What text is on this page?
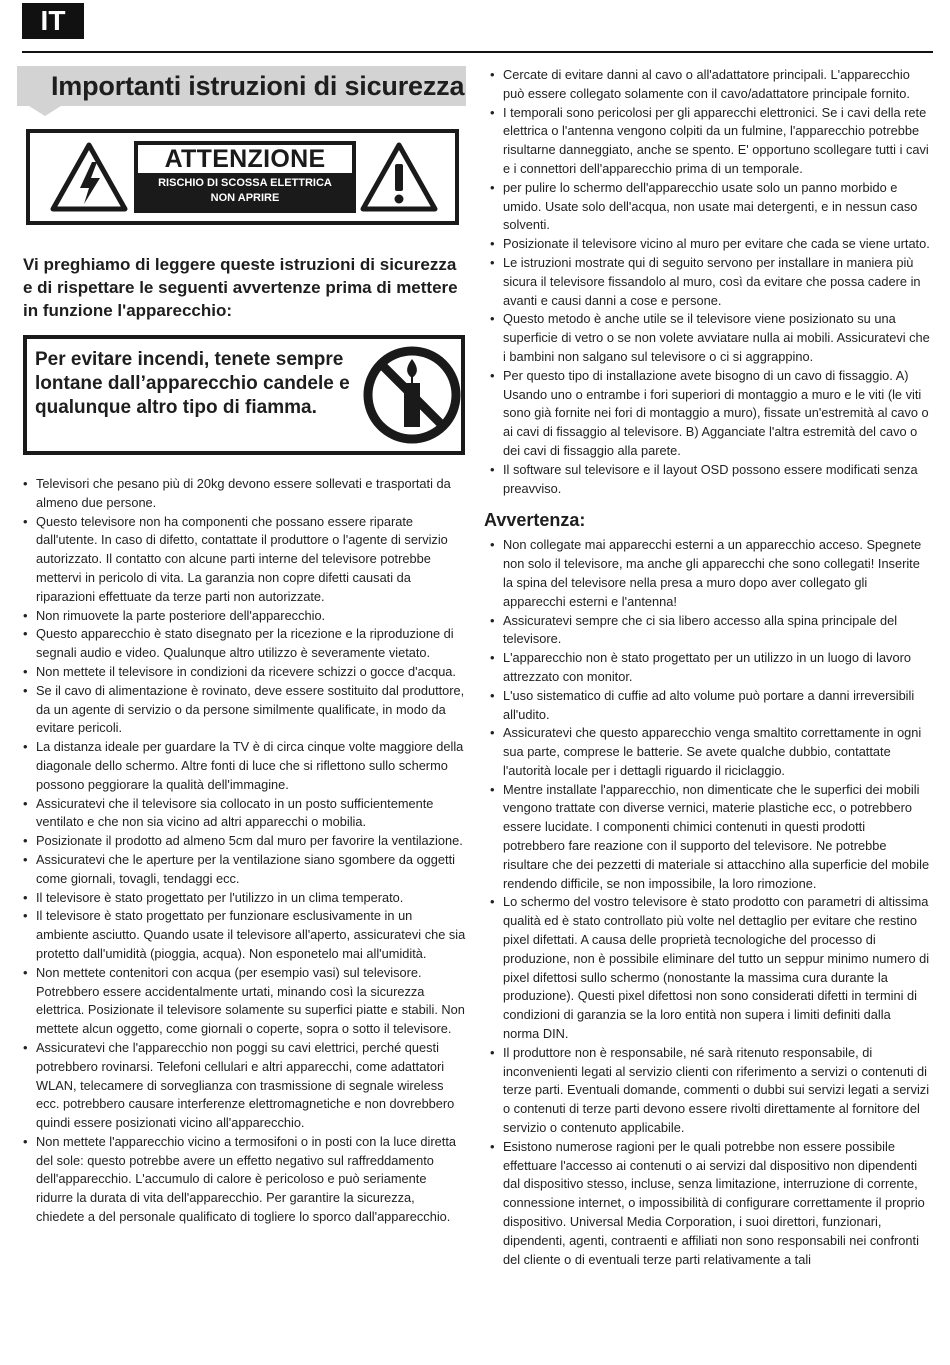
IT
Importanti istruzioni di sicurezza
ATTENZIONE
RISCHIO DI SCOSSA ELETTRICA
NON APRIRE
Vi preghiamo di leggere queste istruzioni di sicurezza e di rispettare le seguenti avvertenze prima di mettere in funzione l'apparecchio:
Per evitare incendi, tenete sempre lontane dall’apparecchio candele e qualunque altro tipo di fiamma.
• Televisori che pesano più di 20kg devono essere sollevati e trasportati da almeno due persone.
• Questo televisore non ha componenti che possano essere riparate dall'utente. In caso di difetto, contattate il produttore o l'agente di servizio autorizzato. Il contatto con alcune parti interne del televisore potrebbe mettervi in pericolo di vita. La garanzia non copre difetti causati da riparazioni effettuate da terze parti non autorizzate.
• Non rimuovete la parte posteriore dell'apparecchio.
• Questo apparecchio è stato disegnato per la ricezione e la riproduzione di segnali audio e video. Qualunque altro utilizzo è severamente vietato.
• Non mettete il televisore in condizioni da ricevere schizzi o gocce d'acqua.
• Se il cavo di alimentazione è rovinato, deve essere sostituito dal produttore, da un agente di servizio o da persone similmente qualificate, in modo da evitare pericoli.
• La distanza ideale per guardare la TV è di circa cinque volte maggiore della diagonale dello schermo. Altre fonti di luce che si riflettono sullo schermo possono peggiorare la qualità dell'immagine.
• Assicuratevi che il televisore sia collocato in un posto sufficientemente ventilato e che non sia vicino ad altri apparecchi o mobilia.
• Posizionate il prodotto ad almeno 5cm dal muro per favorire la ventilazione.
• Assicuratevi che le aperture per la ventilazione siano sgombere da oggetti come giornali, tovagli, tendaggi ecc.
• Il televisore è stato progettato per l'utilizzo in un clima temperato.
• Il televisore è stato progettato per funzionare esclusivamente in un ambiente asciutto. Quando usate il televisore all'aperto, assicuratevi che sia protetto dall'umidità (pioggia, acqua). Non esponetelo mai all'umidità.
• Non mettete contenitori con acqua (per esempio vasi) sul televisore. Potrebbero essere accidentalmente urtati, minando così la sicurezza elettrica. Posizionate il televisore solamente su superfici piatte e stabili. Non mettete alcun oggetto, come giornali o coperte, sopra o sotto il televisore.
• Assicuratevi che l'apparecchio non poggi su cavi elettrici, perché questi potrebbero rovinarsi. Telefoni cellulari e altri apparecchi, come adattatori WLAN, telecamere di sorveglianza con trasmissione di segnale wireless ecc. potrebbero causare interferenze elettromagnetiche e non dovrebbero quindi essere posizionati vicino all'apparecchio.
• Non mettete l'apparecchio vicino a termosifoni o in posti con la luce diretta del sole: questo potrebbe avere un effetto negativo sul raffreddamento dell'apparecchio. L'accumulo di calore è pericoloso e può seriamente ridurre la durata di vita dell'apparecchio. Per garantire la sicurezza, chiedete a del personale qualificato di togliere lo sporco dall'apparecchio.
• Cercate di evitare danni al cavo o all'adattatore principali. L'apparecchio può essere collegato solamente con il cavo/adattatore principale fornito.
• I temporali sono pericolosi per gli apparecchi elettronici. Se i cavi della rete elettrica o l'antenna vengono colpiti da un fulmine, l'apparecchio potrebbe risultarne danneggiato, anche se spento. E' opportuno scollegare tutti i cavi e i connettori dell'apparecchio prima di un temporale.
• per pulire lo schermo dell'apparecchio usate solo un panno morbido e umido. Usate solo dell'acqua, non usate mai detergenti, e in nessun caso solventi.
• Posizionate il televisore vicino al muro per evitare che cada se viene urtato.
• Le istruzioni mostrate qui di seguito servono per installare in maniera più sicura il televisore fissandolo al muro, così da evitare che possa cadere in avanti e causi danni a cose e persone.
• Questo metodo è anche utile se il televisore viene posizionato su una superficie di vetro o se non volete avviatare nulla ai mobili. Assicuratevi che i bambini non salgano sul televisore o ci si aggrappino.
• Per questo tipo di installazione avete bisogno di un cavo di fissaggio. A) Usando uno o entrambe i fori superiori di montaggio a muro e le viti (le viti sono già fornite nei fori di montaggio a muro), fissate un'estremità al cavo o ai cavi di fissaggio al televisore. B) Agganciate l'altra estremità del cavo o dei cavi di fissaggio alla parete.
• Il software sul televisore e il layout OSD possono essere modificati senza preavviso.
Avvertenza:
• Non collegate mai apparecchi esterni a un apparecchio acceso. Spegnete non solo il televisore, ma anche gli apparecchi che sono collegati! Inserite la spina del televisore nella presa a muro dopo aver collegato gli apparecchi esterni e l'antenna!
• Assicuratevi sempre che ci sia libero accesso alla spina principale del televisore.
• L'apparecchio non è stato progettato per un utilizzo in un luogo di lavoro attrezzato con monitor.
• L'uso sistematico di cuffie ad alto volume può portare a danni irreversibili all'udito.
• Assicuratevi che questo apparecchio venga smaltito correttamente in ogni sua parte, comprese le batterie. Se avete qualche dubbio, contattate l'autorità locale per i dettagli riguardo il riciclaggio.
• Mentre installate l'apparecchio, non dimenticate che le superfici dei mobili vengono trattate con diverse vernici, materie plastiche ecc, o potrebbero essere lucidate. I componenti chimici contenuti in questi prodotti potrebbero fare reazione con il supporto del televisore. Ne potrebbe risultare che dei pezzetti di materiale si attacchino alla superficie del mobile rendendo difficile, se non impossibile, la loro rimozione.
• Lo schermo del vostro televisore è stato prodotto con parametri di altissima qualità ed è stato controllato più volte nel dettaglio per evitare che restino pixel difettati. A causa delle proprietà tecnologiche del processo di produzione, non è possibile eliminare del tutto un seppur minimo numero di pixel difettosi sullo schermo (nonostante la massima cura durante la produzione). Questi pixel difettosi non sono considerati difetti in termini di condizioni di garanzia se la loro entità non supera i limiti definiti dalla norma DIN.
• Il produttore non è responsabile, né sarà ritenuto responsabile, di inconvenienti legati al servizio clienti con riferimento a servizi o contenuti di terze parti. Eventuali domande, commenti o dubbi sui servizi legati a servizi o contenuti di terze parti devono essere rivolti direttamente al fornitore del servizio o contenuto applicabile.
• Esistono numerose ragioni per le quali potrebbe non essere possibile effettuare l'accesso ai contenuti o ai servizi dal dispositivo non dipendenti dal dispositivo stesso, incluse, senza limitazione, interruzione di corrente, connessione internet, o impossibilità di configurare correttamente il proprio dispositivo. Universal Media Corporation, i suoi direttori, funzionari, dipendenti, agenti, contraenti e affiliati non sono responsabili nei confronti del cliente o di eventuali terze parti relativamente a tali
